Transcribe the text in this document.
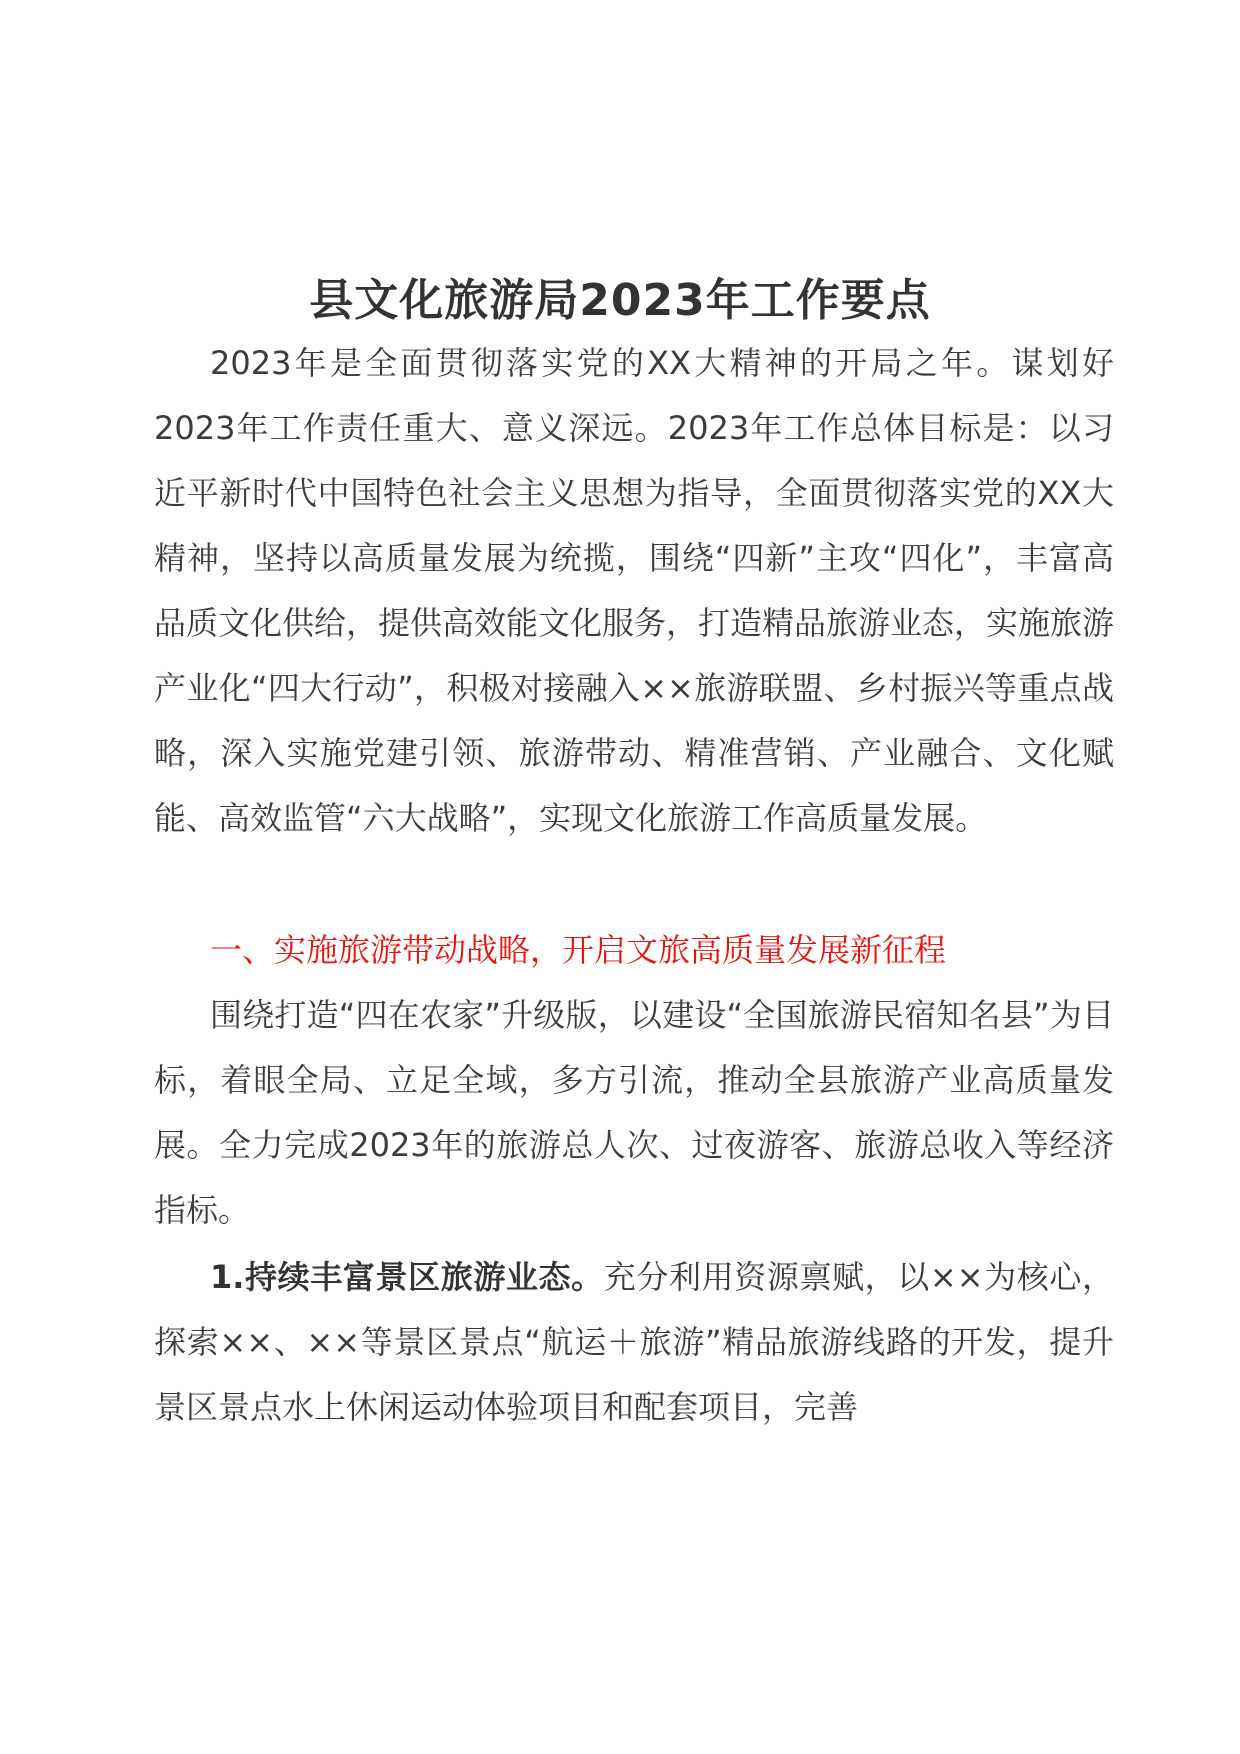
县文化旅游局2023年工作要点

2023年是全面贯彻落实党的XX大精神的开局之年。谋划好2023年工作责任重大、意义深远。2023年工作总体目标是：以习近平新时代中国特色社会主义思想为指导，全面贯彻落实党的XX大精神，坚持以高质量发展为统揽，围绕“四新”主攻“四化”，丰富高品质文化供给，提供高效能文化服务，打造精品旅游业态，实施旅游产业化“四大行动”，积极对接融入××旅游联盟、乡村振兴等重点战略，深入实施党建引领、旅游带动、精准营销、产业融合、文化赋能、高效监管“六大战略”，实现文化旅游工作高质量发展。

一、实施旅游带动战略，开启文旅高质量发展新征程

围绕打造“四在农家”升级版，以建设“全国旅游民宿知名县”为目标，着眼全局、立足全域，多方引流，推动全县旅游产业高质量发展。全力完成2023年的旅游总人次、过夜游客、旅游总收入等经济指标。

1.持续丰富景区旅游业态。充分利用资源禀赋，以××为核心，探索××、××等景区景点“航运＋旅游”精品旅游线路的开发，提升景区景点水上休闲运动体验项目和配套项目，完善
